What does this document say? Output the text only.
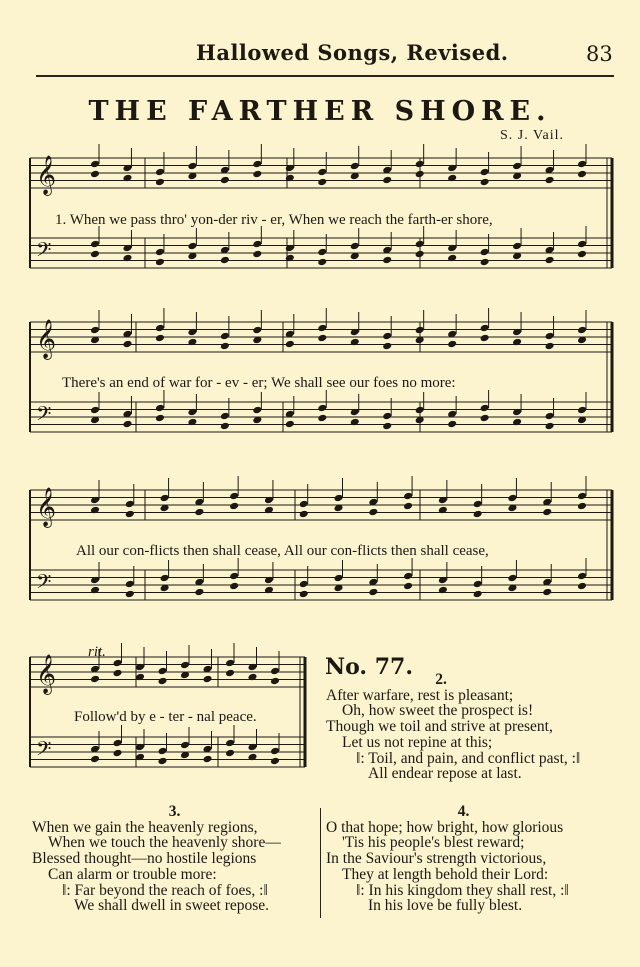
Hallowed Songs, Revised.	83
THE FARTHER SHORE.
S. J. Vail.
𝄞
𝄢
𝄞
𝄢
𝄞
𝄢
𝄞
𝄢
rit.
1. When we pass thro' yon-der riv - er, When we reach the farth-er shore,
There's an end of war for - ev - er; We shall see our foes no more:
All our con-flicts then shall cease, All our con-flicts then shall cease,
Follow'd by e - ter - nal peace.
No. 77.	2.
After warfare, rest is pleasant;
Oh, how sweet the prospect is!
Though we toil and strive at present,
Let us not repine at this;
‖: Toil, and pain, and conflict past, :‖
All endear repose at last.
3.
When we gain the heavenly regions,
When we touch the heavenly shore—
Blessed thought—no hostile legions
Can alarm or trouble more:
‖: Far beyond the reach of foes, :‖
We shall dwell in sweet repose.
4.
O that hope; how bright, how glorious
'Tis his people's blest reward;
In the Saviour's strength victorious,
They at length behold their Lord:
‖: In his kingdom they shall rest, :‖
In his love be fully blest.
